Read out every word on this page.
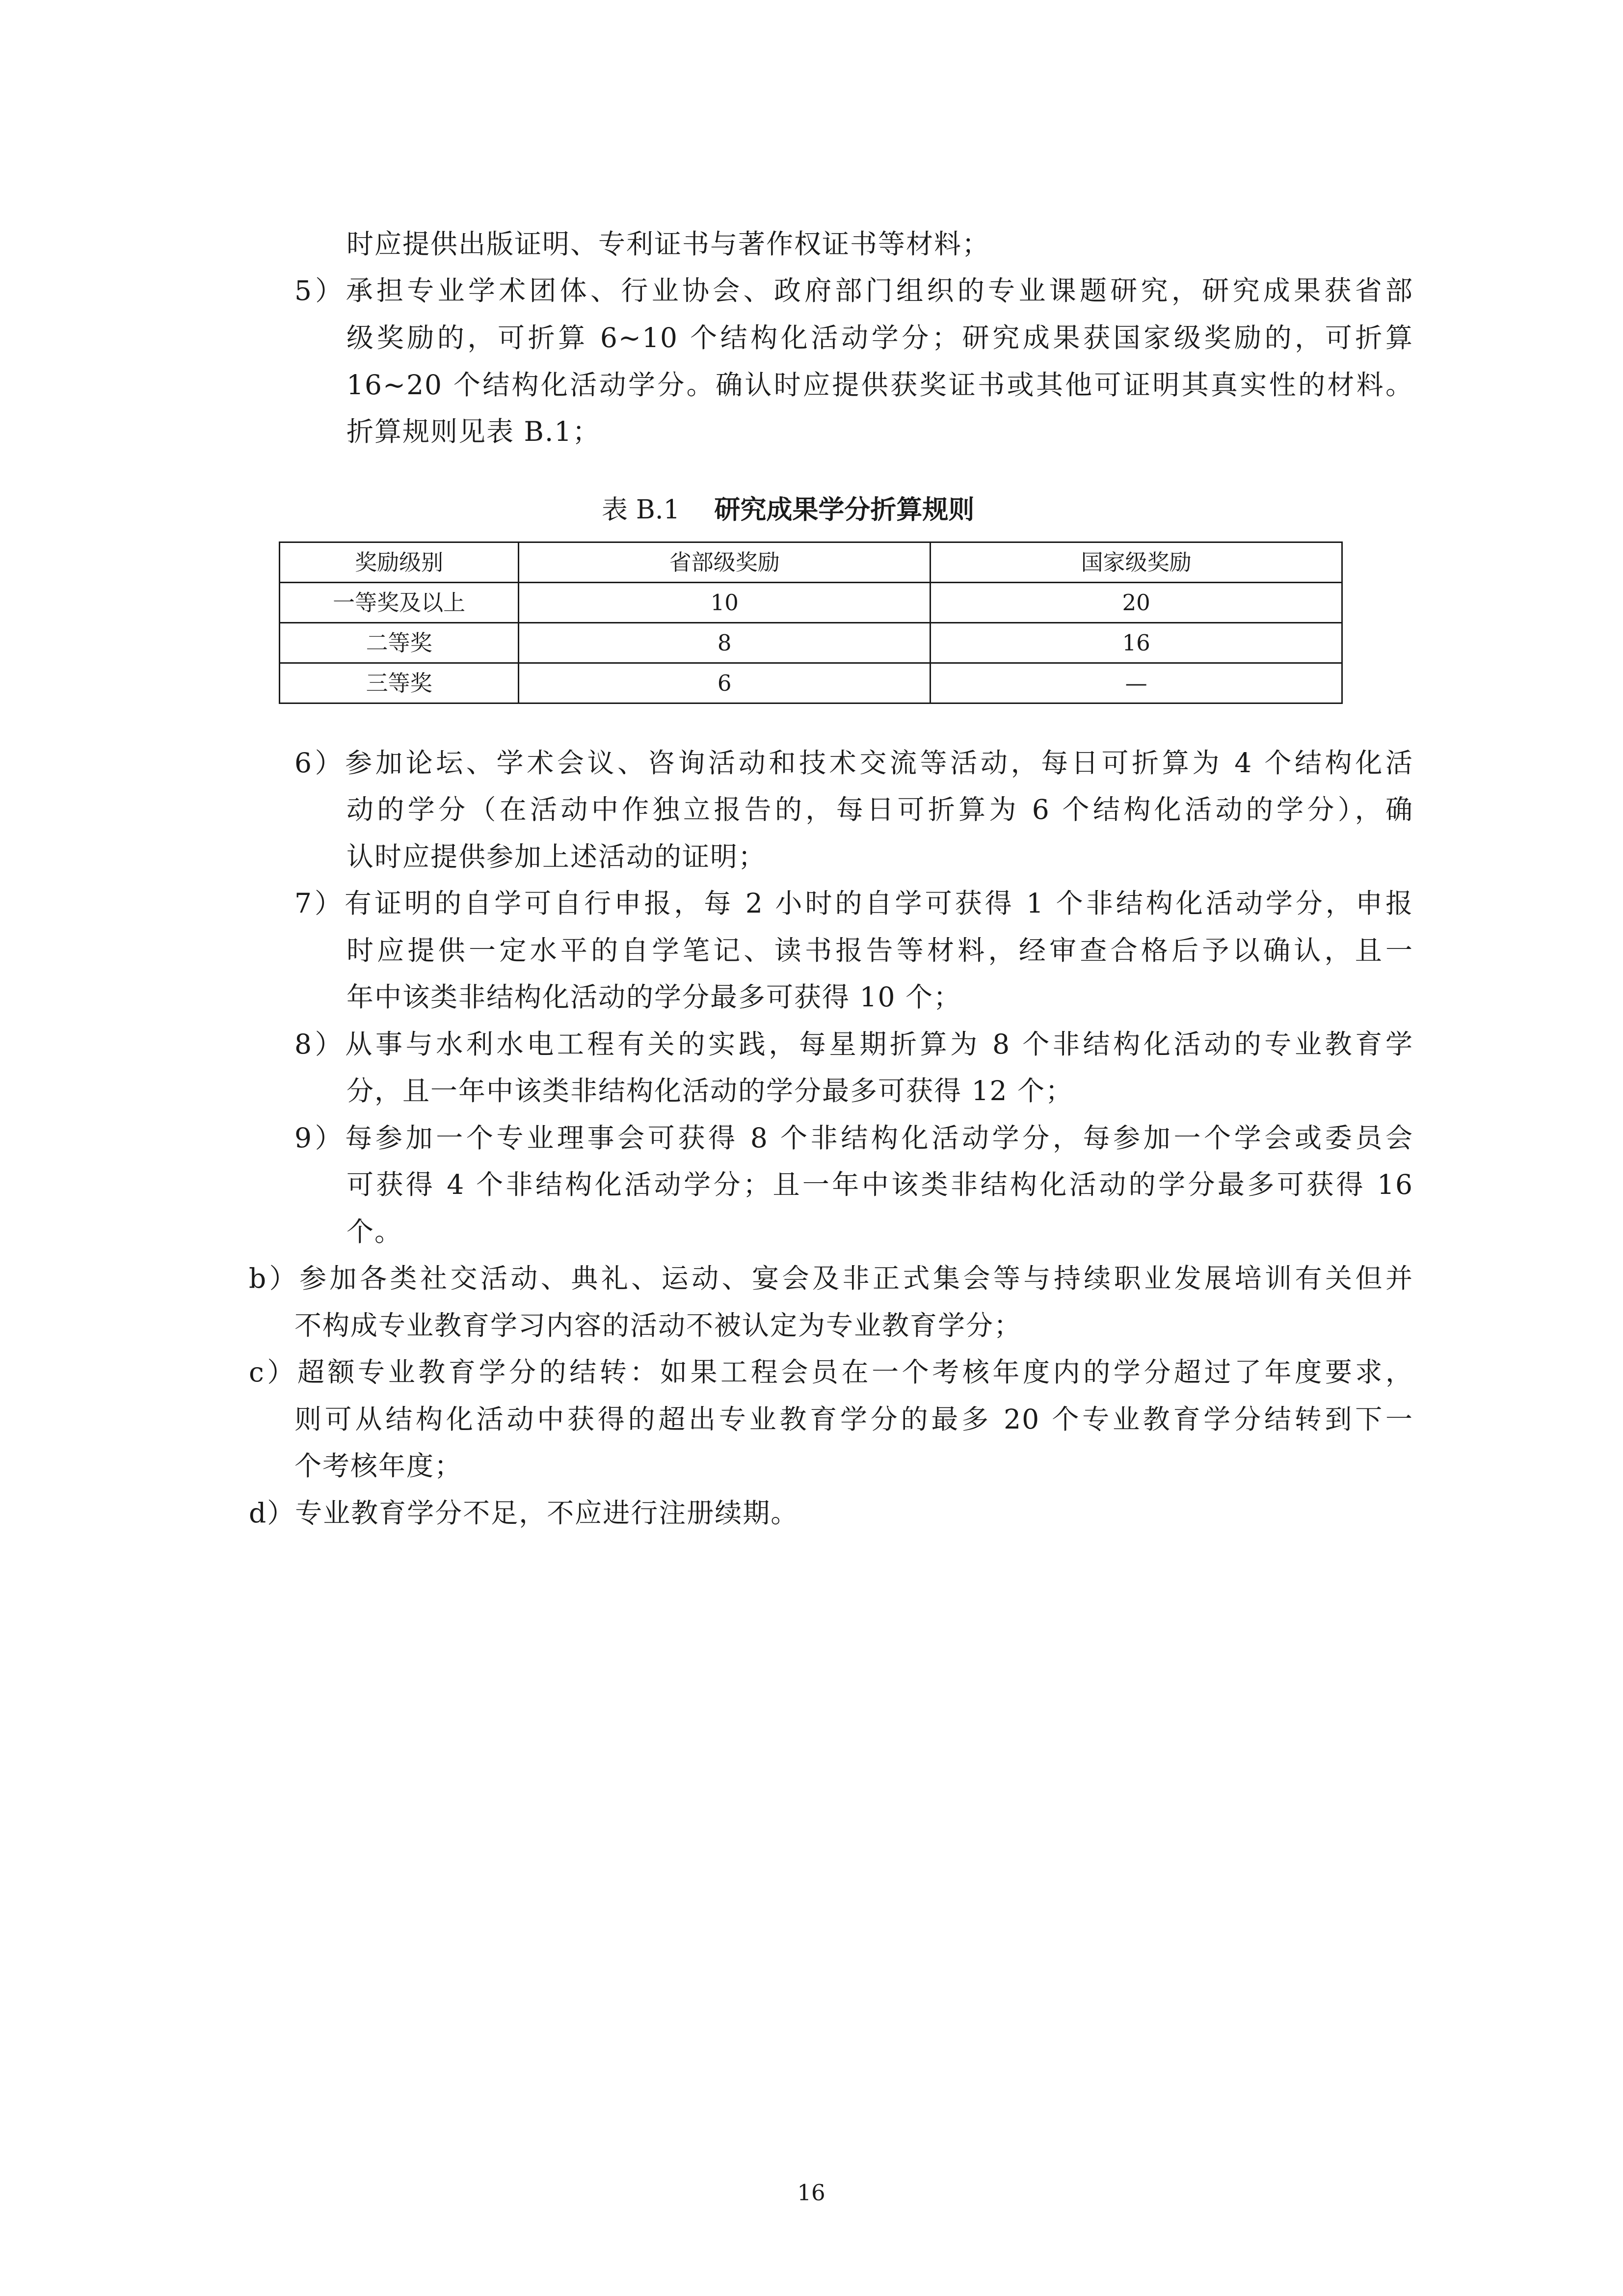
时应提供出版证明、专利证书与著作权证书等材料；
5）承担专业学术团体、行业协会、政府部门组织的专业课题研究，研究成果获省部
级奖励的，可折算 6~10 个结构化活动学分；研究成果获国家级奖励的，可折算
16~20 个结构化活动学分。确认时应提供获奖证书或其他可证明其真实性的材料。
折算规则见表 B.1；
表 B.1 研究成果学分折算规则
奖励级别	省部级奖励	国家级奖励
一等奖及以上	10	20
二等奖	8	16
三等奖	6	—
6）参加论坛、学术会议、咨询活动和技术交流等活动，每日可折算为 4 个结构化活
动的学分（在活动中作独立报告的，每日可折算为 6 个结构化活动的学分），确
认时应提供参加上述活动的证明；
7）有证明的自学可自行申报，每 2 小时的自学可获得 1 个非结构化活动学分，申报
时应提供一定水平的自学笔记、读书报告等材料，经审查合格后予以确认，且一
年中该类非结构化活动的学分最多可获得 10 个；
8）从事与水利水电工程有关的实践，每星期折算为 8 个非结构化活动的专业教育学
分，且一年中该类非结构化活动的学分最多可获得 12 个；
9）每参加一个专业理事会可获得 8 个非结构化活动学分，每参加一个学会或委员会
可获得 4 个非结构化活动学分；且一年中该类非结构化活动的学分最多可获得 16
个。
b）参加各类社交活动、典礼、运动、宴会及非正式集会等与持续职业发展培训有关但并
不构成专业教育学习内容的活动不被认定为专业教育学分；
c）超额专业教育学分的结转：如果工程会员在一个考核年度内的学分超过了年度要求，
则可从结构化活动中获得的超出专业教育学分的最多 20 个专业教育学分结转到下一
个考核年度；
d）专业教育学分不足，不应进行注册续期。
16
